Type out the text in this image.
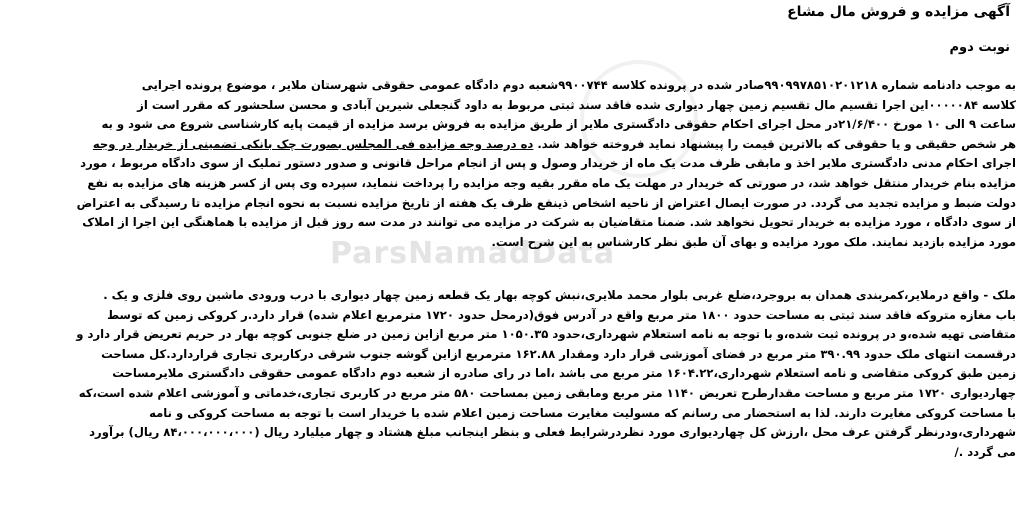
ParsNamadData
آگهی مزایده و فروش مال مشاع
نوبت دوم
به موجب دادنامه شماره ۹۹۰۹۹۷۸۵۱۰۲۰۱۲۱۸صادر شده در پرونده کلاسه ۹۹۰۰۷۴۴شعبه دوم دادگاه عمومی حقوقی شهرستان ملایر ، موضوع پرونده اجرایی
کلاسه ۰۰۰۰۰۸۴این اجرا تقسیم مال تقسیم زمین چهار دیواری شده فاقد سند ثبتی مربوط به داود گنجعلی شیرین آبادی و محسن سلحشور که مقرر است از
ساعت ۹ الی ۱۰ مورخ ۲۱/۶/۴۰۰در محل اجرای احکام حقوقی دادگستری ملایر از طریق مزایده به فروش برسد مزایده از قیمت پایه کارشناسی شروع می شود و به
هر شخص حقیقی و یا حقوقی که بالاترین قیمت را پیشنهاد نماید فروخته خواهد شد. ده درصد وجه مزایده فی المجلس بصورت چک بانکی تضمینی از خریدار در وجه
اجرای احکام مدنی دادگستری ملایر اخذ و مابقی ظرف مدت یک ماه از خریدار وصول و پس از انجام مراحل قانونی و صدور دستور تملیک از سوی دادگاه مربوط ، مورد
مزایده بنام خریدار منتقل خواهد شد، در صورتی که خریدار در مهلت یک ماه مقرر بقیه وجه مزایده را پرداخت ننماید، سپرده وی پس از کسر هزینه های مزایده به نفع
دولت ضبط و مزایده تجدید می گردد. در صورت ایصال اعتراض از ناحیه اشخاص ذینفع ظرف یک هفته از تاریخ مزایده نسبت به نحوه انجام مزایده تا رسیدگی به اعتراض
از سوی دادگاه ، مورد مزایده به خریدار تحویل نخواهد شد. ضمنا متقاضیان به شرکت در مزایده می توانند در مدت سه روز قبل از مزایده با هماهنگی این اجرا از املاک
مورد مزایده بازدید نمایند. ملک مورد مزایده و بهای آن طبق نظر کارشناس به این شرح است.
ملک - واقع درملایر،کمربندی همدان به بروجرد،ضلع غربی بلوار محمد ملایری،نبش کوچه بهار یک قطعه زمین چهار دیواری با درب ورودی ماشین روی فلزی و یک .
باب مغازه متروکه فاقد سند ثبتی به مساحت حدود ۱۸۰۰ متر مربع واقع در آدرس فوق(درمحل حدود ۱۷۲۰ مترمربع اعلام شده) قرار دارد.ر کروکی زمین که توسط
متقاضی تهیه شده،و در پرونده ثبت شده،و با توجه به نامه استعلام شهرداری،حدود ۱۰۵۰.۳۵ متر مربع ازاین زمین در ضلع جنوبی کوچه بهار در حریم تعریض قرار دارد و
درقسمت انتهای ملک حدود ۳۹۰.۹۹ متر مربع در فضای آموزشی قرار دارد ومقدار ۱۶۲.۸۸ مترمربع ازاین گوشه جنوب شرقی درکاربری تجاری قراردارد.کل مساحت
زمین طبق کروکی متقاضی و نامه استعلام شهرداری،۱۶۰۴.۲۲ متر مربع می باشد ،اما در رای صادره از شعبه دوم دادگاه عمومی حقوقی دادگستری ملایرمساحت
چهاردیواری ۱۷۲۰ متر مربع و مساحت مقدارطرح تعریض ۱۱۴۰ متر مربع ومابقی زمین بمساحت ۵۸۰ متر مربع در کاربری تجاری،خدماتی و آموزشی اعلام شده است،که
با مساحت کروکی مغایرت دارند. لذا به استحضار می رسانم که مسولیت مغایرت مساحت زمین اعلام شده با خریدار است با توجه به مساحت کروکی و نامه
شهرداری،ودرنظر گرفتن عرف محل ،ارزش کل چهاردیواری مورد نظردرشرایط فعلی و بنظر اینجانب مبلغ هشتاد و چهار میلیارد ریال (۸۴،۰۰۰،۰۰۰،۰۰۰ ریال) برآورد
می گردد ./
